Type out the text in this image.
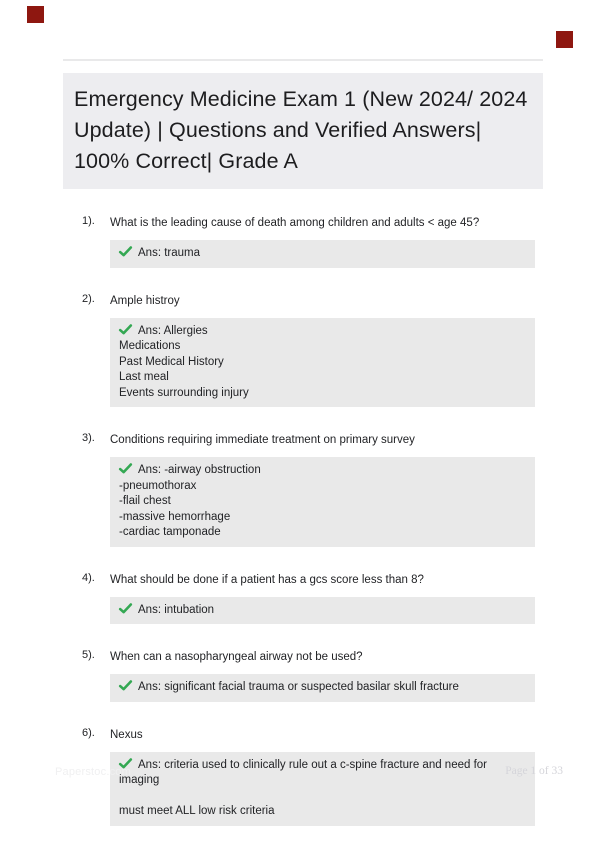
Emergency Medicine Exam 1 (New 2024/ 2024 Update) | Questions and Verified Answers| 100% Correct| Grade A
1).	What is the leading cause of death among children and adults < age 45?
Ans: trauma
2).	Ample histroy
Ans: Allergies
Medications
Past Medical History
Last meal
Events surrounding injury
3).	Conditions requiring immediate treatment on primary survey
Ans: -airway obstruction
-pneumothorax
-flail chest
-massive hemorrhage
-cardiac tamponade
4).	What should be done if a patient has a gcs score less than 8?
Ans: intubation
5).	When can a nasopharyngeal airway not be used?
Ans: significant facial trauma or suspected basilar skull fracture
6).	Nexus
Ans: criteria used to clinically rule out a c-spine fracture and need for imaging

must meet ALL low risk criteria
Paperstoc.com	Page 1 of 33
